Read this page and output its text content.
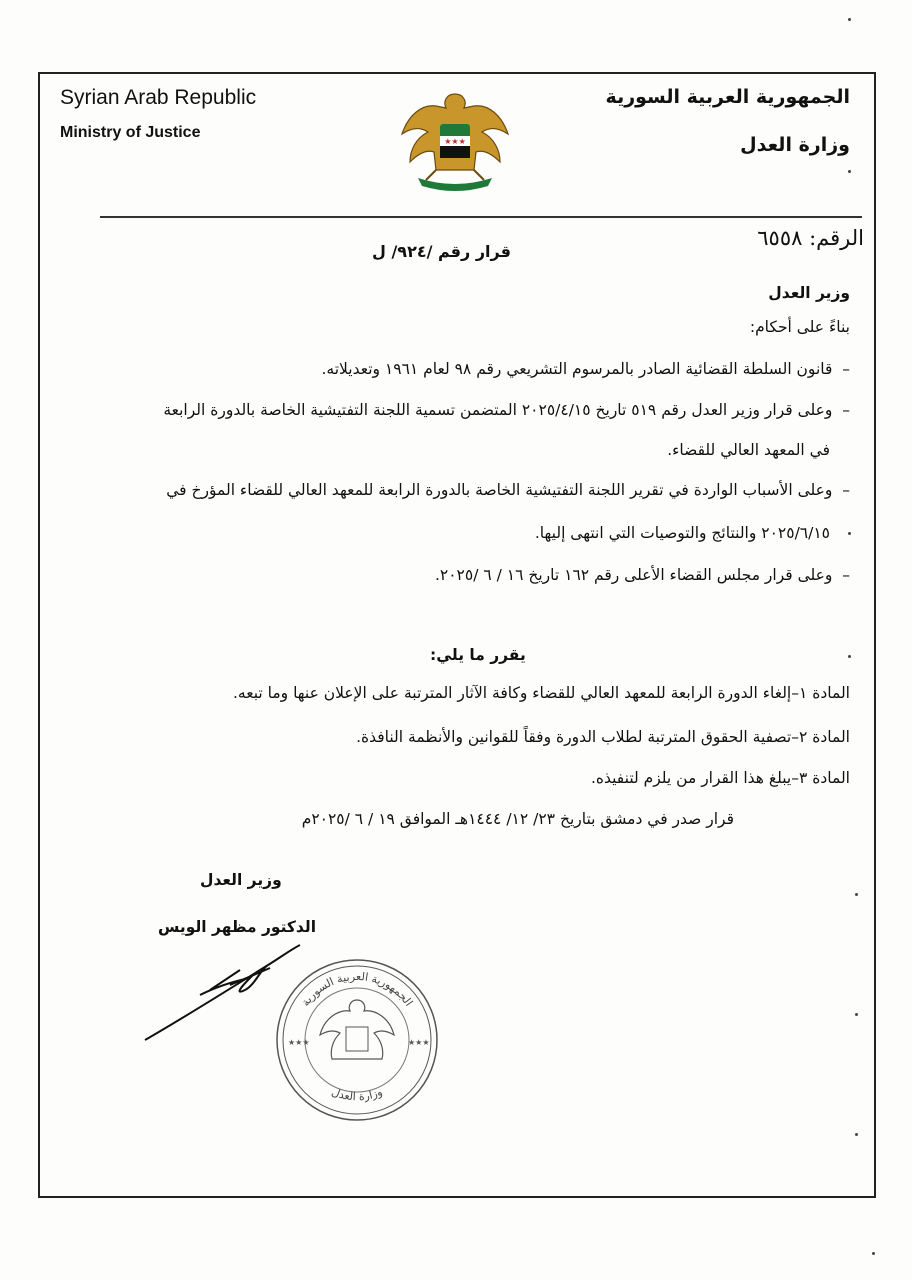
Syrian Arab Republic
Ministry of Justice
الجمهورية العربية السورية
وزارة العدل
★★★
الرقم: ٦٥٥٨
قرار رقم /٩٢٤/ ل
وزير العدل
بناءً على أحكام:
–  قانون السلطة القضائية الصادر بالمرسوم التشريعي رقم ٩٨ لعام ١٩٦١ وتعديلاته.
–  وعلى قرار وزير العدل رقم ٥١٩ تاريخ ٢٠٢٥/٤/١٥ المتضمن تسمية اللجنة التفتيشية الخاصة بالدورة الرابعة
في المعهد العالي للقضاء.
–  وعلى الأسباب الواردة في تقرير اللجنة التفتيشية الخاصة بالدورة الرابعة للمعهد العالي للقضاء المؤرخ في
٢٠٢٥/٦/١٥ والنتائج والتوصيات التي انتهى إليها.
–  وعلى قرار مجلس القضاء الأعلى رقم ١٦٢ تاريخ ١٦ / ٦ /٢٠٢٥.
يقرر ما يلي:
المادة ١–إلغاء الدورة الرابعة للمعهد العالي للقضاء وكافة الآثار المترتبة على الإعلان عنها وما تبعه.
المادة ٢–تصفية الحقوق المترتبة لطلاب الدورة وفقاً للقوانين والأنظمة النافذة.
المادة ٣–يبلغ هذا القرار من يلزم لتنفيذه.
قرار صدر في دمشق بتاريخ ٢٣/ ١٢/ ١٤٤٤هـ الموافق ١٩ / ٦ /٢٠٢٥م
وزير العدل
الدكتور مظهر الويس
الجمهورية العربية السورية
وزارة العدل
★★★	★★★
